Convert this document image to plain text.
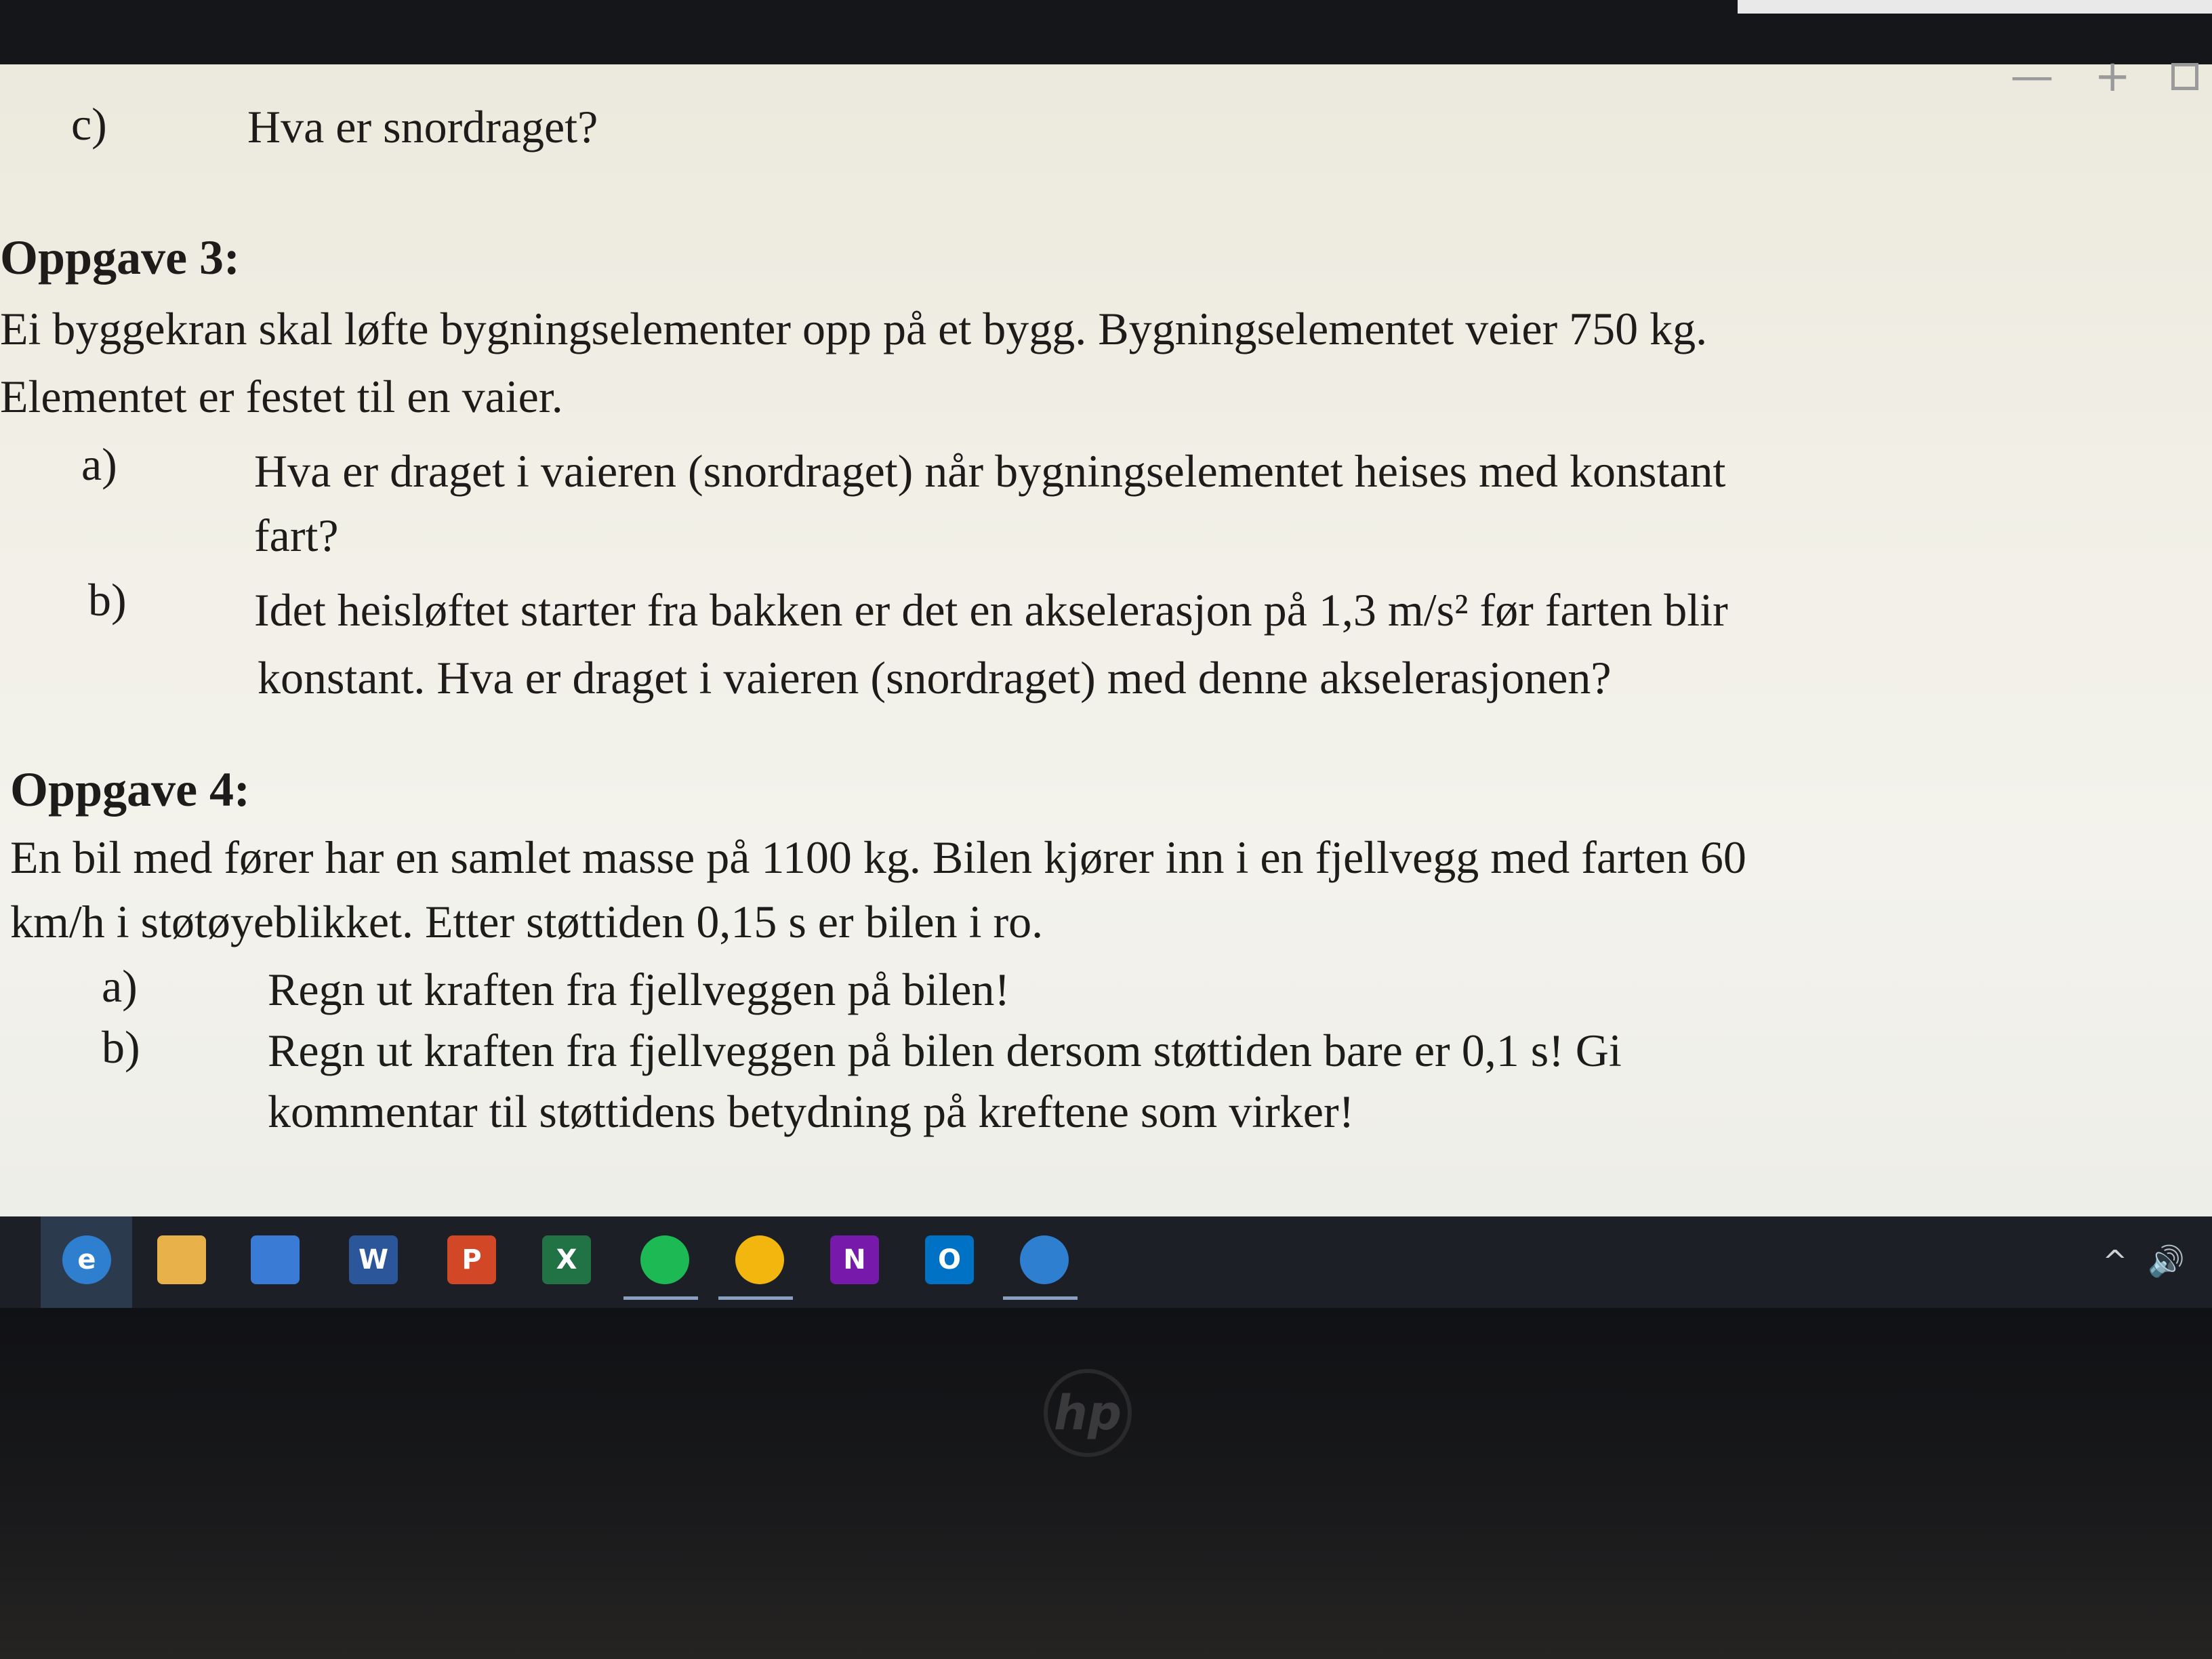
c)	Hva er snordraget?
Oppgave 3:
Ei byggekran skal løfte bygningselementer opp på et bygg. Bygningselementet veier 750 kg.
Elementet er festet til en vaier.
a)	Hva er draget i vaieren (snordraget) når bygningselementet heises med konstant
fart?
b)	Idet heisløftet starter fra bakken er det en akselerasjon på 1,3 m/s² før farten blir
konstant. Hva er draget i vaieren (snordraget) med denne akselerasjonen?
Oppgave 4:
En bil med fører har en samlet masse på 1100 kg. Bilen kjører inn i en fjellvegg med farten 60
km/h i støtøyeblikket. Etter støttiden 0,15 s er bilen i ro.
a)	Regn ut kraften fra fjellveggen på bilen!
b)	Regn ut kraften fra fjellveggen på bilen dersom støttiden bare er 0,1 s! Gi
kommentar til støttidens betydning på kreftene som virker!
— +
e	W	P	X	N	O	^ 🔊
hp
